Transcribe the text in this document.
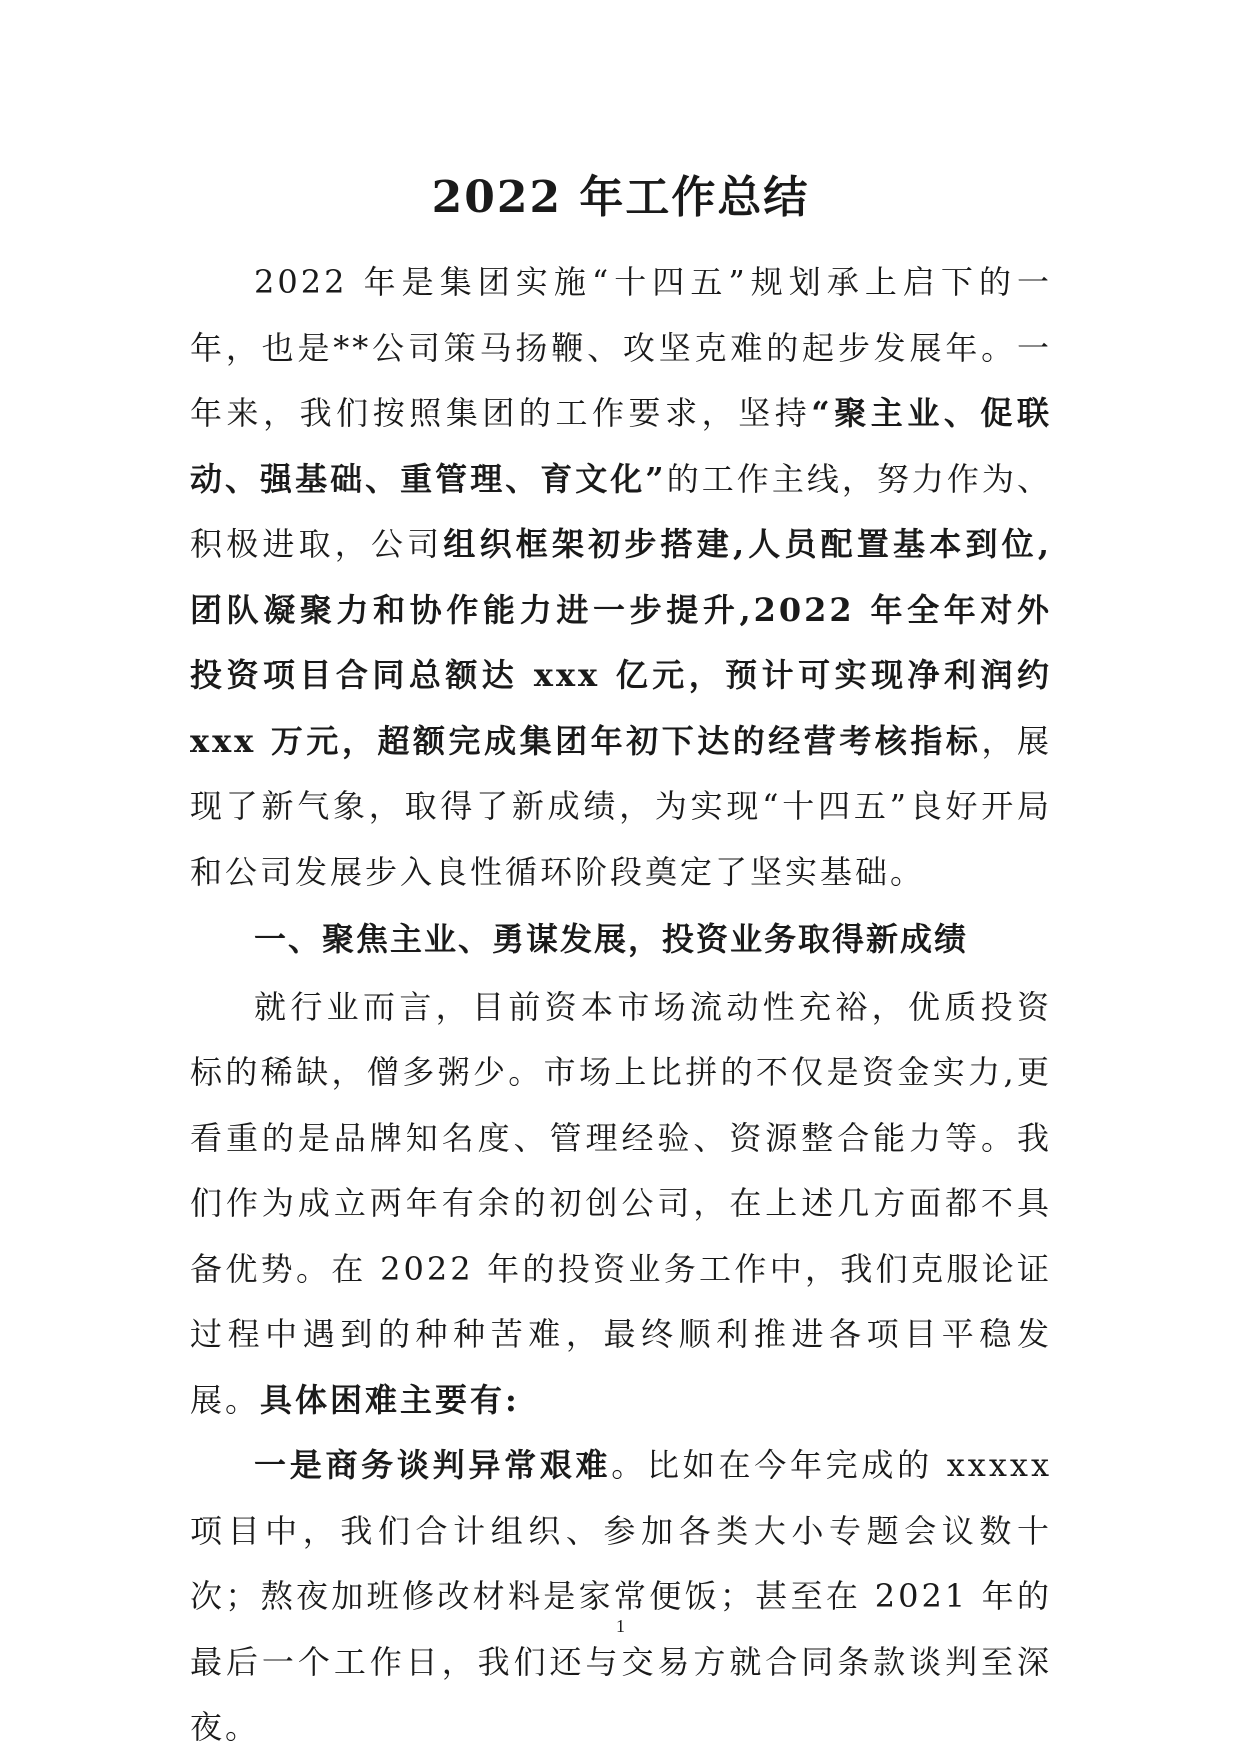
2022 年工作总结

2022 年是集团实施“十四五”规划承上启下的一年，也是**公司策马扬鞭、攻坚克难的起步发展年。一年来，我们按照集团的工作要求，坚持“聚主业、促联动、强基础、重管理、育文化”的工作主线，努力作为、积极进取，公司组织框架初步搭建,人员配置基本到位,团队凝聚力和协作能力进一步提升,2022 年全年对外投资项目合同总额达 xxx 亿元，预计可实现净利润约 xxx 万元，超额完成集团年初下达的经营考核指标，展现了新气象，取得了新成绩，为实现“十四五”良好开局和公司发展步入良性循环阶段奠定了坚实基础。

一、聚焦主业、勇谋发展，投资业务取得新成绩

就行业而言，目前资本市场流动性充裕，优质投资标的稀缺，僧多粥少。市场上比拼的不仅是资金实力,更看重的是品牌知名度、管理经验、资源整合能力等。我们作为成立两年有余的初创公司，在上述几方面都不具备优势。在 2022 年的投资业务工作中，我们克服论证过程中遇到的种种苦难，最终顺利推进各项目平稳发展。具体困难主要有:

一是商务谈判异常艰难。比如在今年完成的 xxxxx 项目中，我们合计组织、参加各类大小专题会议数十次；熬夜加班修改材料是家常便饭；甚至在 2021 年的最后一个工作日，我们还与交易方就合同条款谈判至深夜。

1
